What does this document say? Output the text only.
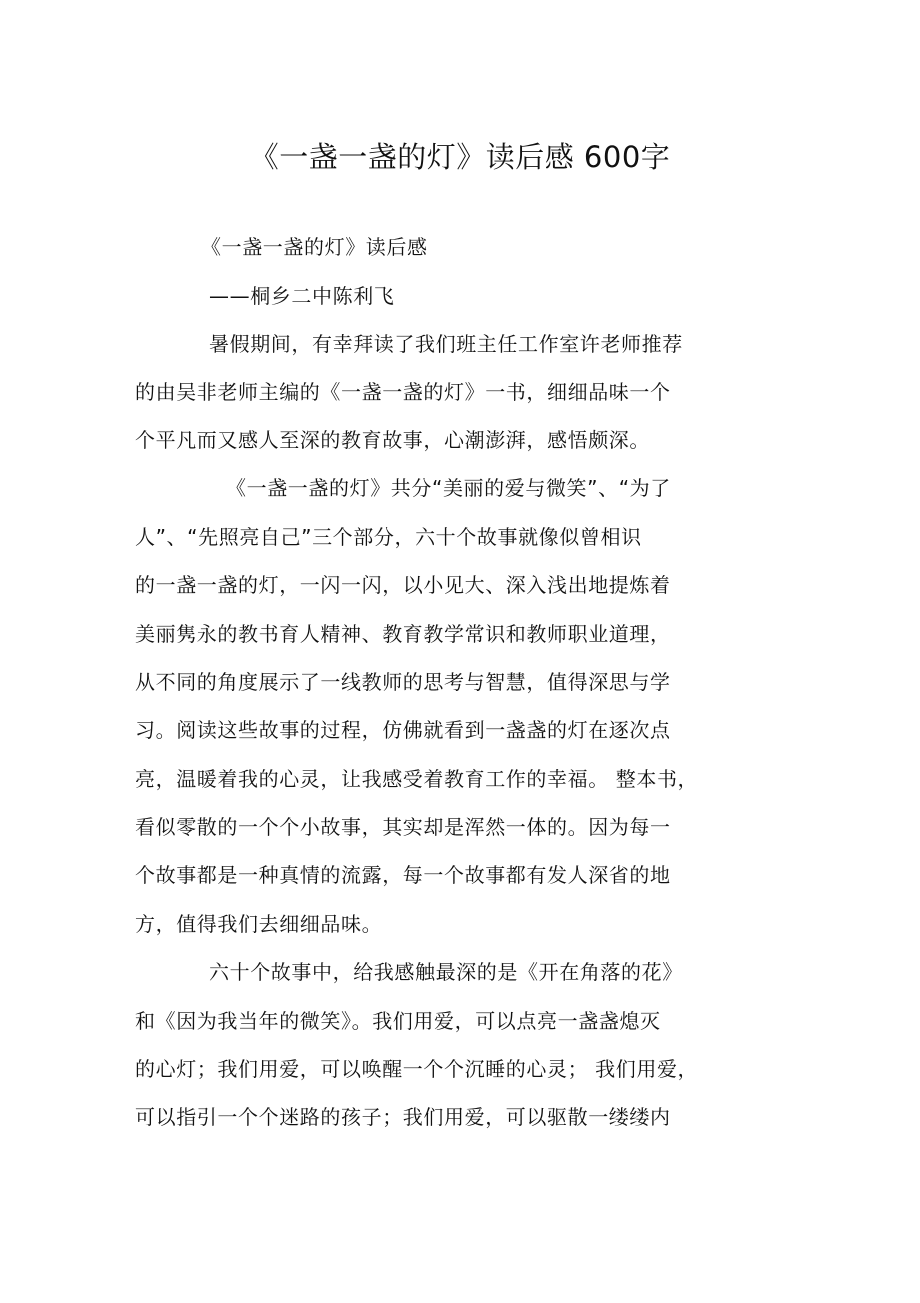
《一盏一盏的灯》读后感 600字
《一盏一盏的灯》读后感
——桐乡二中陈利飞
暑假期间，有幸拜读了我们班主任工作室许老师推荐
的由吴非老师主编的《一盏一盏的灯》一书，细细品味一个
个平凡而又感人至深的教育故事，心潮澎湃，感悟颇深。
《一盏一盏的灯》共分“美丽的爱与微笑”、“为了
人”、“先照亮自己”三个部分，六十个故事就像似曾相识
的一盏一盏的灯，一闪一闪，以小见大、深入浅出地提炼着
美丽隽永的教书育人精神、教育教学常识和教师职业道理，
从不同的角度展示了一线教师的思考与智慧，值得深思与学
习。阅读这些故事的过程，仿佛就看到一盏盏的灯在逐次点
亮，温暖着我的心灵，让我感受着教育工作的幸福。 整本书，
看似零散的一个个小故事，其实却是浑然一体的。因为每一
个故事都是一种真情的流露，每一个故事都有发人深省的地
方，值得我们去细细品味。
六十个故事中，给我感触最深的是《开在角落的花》
和《因为我当年的微笑》。我们用爱，可以点亮一盏盏熄灭
的心灯；我们用爱，可以唤醒一个个沉睡的心灵； 我们用爱，
可以指引一个个迷路的孩子；我们用爱，可以驱散一缕缕内
